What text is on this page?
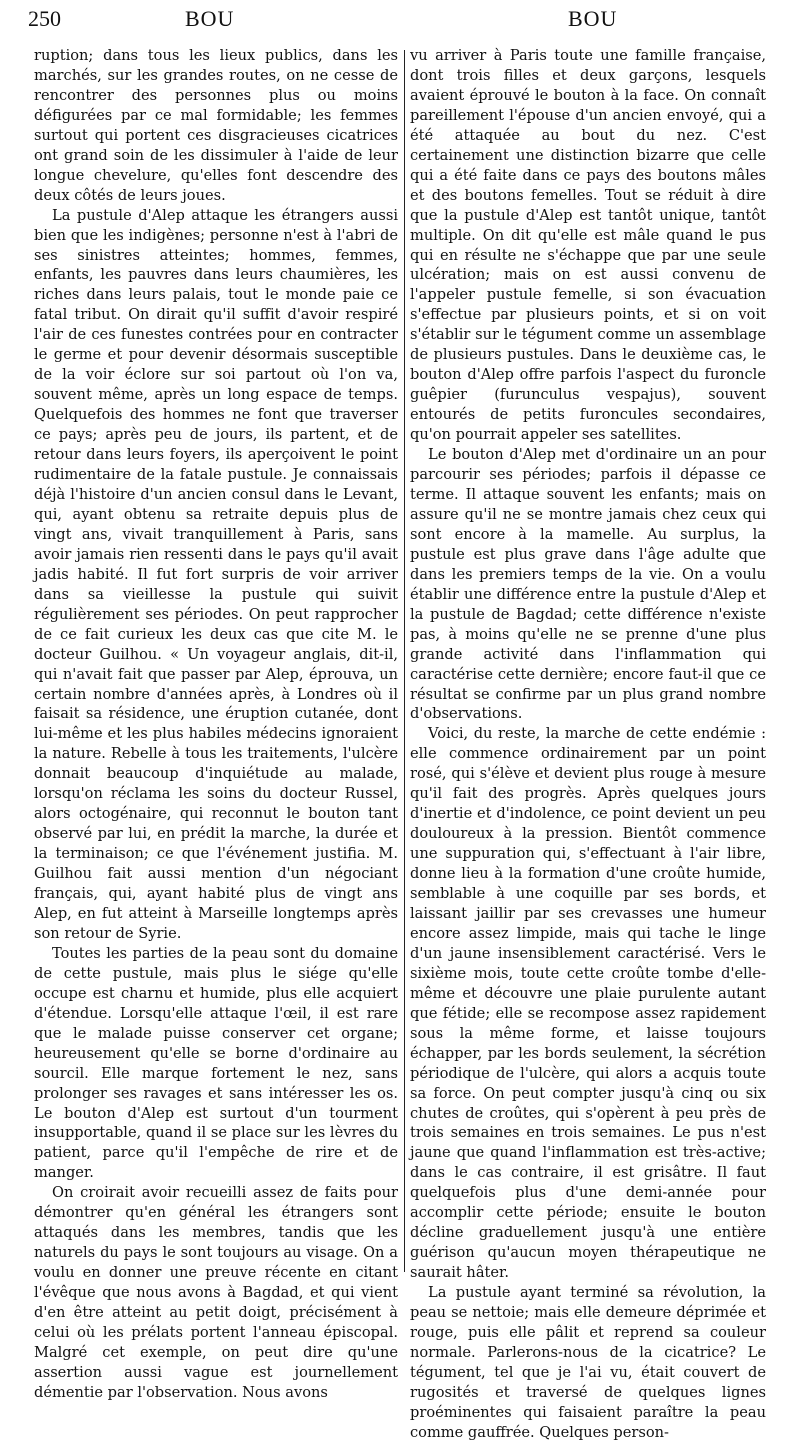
250	BOU	BOU

ruption; dans tous les lieux publics, dans les marchés, sur les grandes routes, on ne cesse de rencontrer des personnes plus ou moins défigurées par ce mal formidable; les femmes surtout qui portent ces disgracieuses cicatrices ont grand soin de les dissimuler à l'aide de leur longue chevelure, qu'elles font descendre des deux côtés de leurs joues.

La pustule d'Alep attaque les étrangers aussi bien que les indigènes; personne n'est à l'abri de ses sinistres atteintes; hommes, femmes, enfants, les pauvres dans leurs chaumières, les riches dans leurs palais, tout le monde paie ce fatal tribut. On dirait qu'il suffit d'avoir respiré l'air de ces funestes contrées pour en contracter le germe et pour devenir désormais susceptible de la voir éclore sur soi partout où l'on va, souvent même, après un long espace de temps. Quelquefois des hommes ne font que traverser ce pays; après peu de jours, ils partent, et de retour dans leurs foyers, ils aperçoivent le point rudimentaire de la fatale pustule. Je connaissais déjà l'histoire d'un ancien consul dans le Levant, qui, ayant obtenu sa retraite depuis plus de vingt ans, vivait tranquillement à Paris, sans avoir jamais rien ressenti dans le pays qu'il avait jadis habité. Il fut fort surpris de voir arriver dans sa vieillesse la pustule qui suivit régulièrement ses périodes. On peut rapprocher de ce fait curieux les deux cas que cite M. le docteur Guilhou. « Un voyageur anglais, dit-il, qui n'avait fait que passer par Alep, éprouva, un certain nombre d'années après, à Londres où il faisait sa résidence, une éruption cutanée, dont lui-même et les plus habiles médecins ignoraient la nature. Rebelle à tous les traitements, l'ulcère donnait beaucoup d'inquiétude au malade, lorsqu'on réclama les soins du docteur Russel, alors octogénaire, qui reconnut le bouton tant observé par lui, en prédit la marche, la durée et la terminaison; ce que l'événement justifia. M. Guilhou fait aussi mention d'un négociant français, qui, ayant habité plus de vingt ans Alep, en fut atteint à Marseille longtemps après son retour de Syrie.

Toutes les parties de la peau sont du domaine de cette pustule, mais plus le siége qu'elle occupe est charnu et humide, plus elle acquiert d'étendue. Lorsqu'elle attaque l'œil, il est rare que le malade puisse conserver cet organe; heureusement qu'elle se borne d'ordinaire au sourcil. Elle marque fortement le nez, sans prolonger ses ravages et sans intéresser les os. Le bouton d'Alep est surtout d'un tourment insupportable, quand il se place sur les lèvres du patient, parce qu'il l'empêche de rire et de manger.

On croirait avoir recueilli assez de faits pour démontrer qu'en général les étrangers sont attaqués dans les membres, tandis que les naturels du pays le sont toujours au visage. On a voulu en donner une preuve récente en citant l'évêque que nous avons à Bagdad, et qui vient d'en être atteint au petit doigt, précisément à celui où les prélats portent l'anneau épiscopal. Malgré cet exemple, on peut dire qu'une assertion aussi vague est journellement démentie par l'observation. Nous avons

vu arriver à Paris toute une famille française, dont trois filles et deux garçons, lesquels avaient éprouvé le bouton à la face. On connaît pareillement l'épouse d'un ancien envoyé, qui a été attaquée au bout du nez. C'est certainement une distinction bizarre que celle qui a été faite dans ce pays des boutons mâles et des boutons femelles. Tout se réduit à dire que la pustule d'Alep est tantôt unique, tantôt multiple. On dit qu'elle est mâle quand le pus qui en résulte ne s'échappe que par une seule ulcération; mais on est aussi convenu de l'appeler pustule femelle, si son évacuation s'effectue par plusieurs points, et si on voit s'établir sur le tégument comme un assemblage de plusieurs pustules. Dans le deuxième cas, le bouton d'Alep offre parfois l'aspect du furoncle guêpier (furunculus vespajus), souvent entourés de petits furoncules secondaires, qu'on pourrait appeler ses satellites.

Le bouton d'Alep met d'ordinaire un an pour parcourir ses périodes; parfois il dépasse ce terme. Il attaque souvent les enfants; mais on assure qu'il ne se montre jamais chez ceux qui sont encore à la mamelle. Au surplus, la pustule est plus grave dans l'âge adulte que dans les premiers temps de la vie. On a voulu établir une différence entre la pustule d'Alep et la pustule de Bagdad; cette différence n'existe pas, à moins qu'elle ne se prenne d'une plus grande activité dans l'inflammation qui caractérise cette dernière; encore faut-il que ce résultat se confirme par un plus grand nombre d'observations.

Voici, du reste, la marche de cette endémie : elle commence ordinairement par un point rosé, qui s'élève et devient plus rouge à mesure qu'il fait des progrès. Après quelques jours d'inertie et d'indolence, ce point devient un peu douloureux à la pression. Bientôt commence une suppuration qui, s'effectuant à l'air libre, donne lieu à la formation d'une croûte humide, semblable à une coquille par ses bords, et laissant jaillir par ses crevasses une humeur encore assez limpide, mais qui tache le linge d'un jaune insensiblement caractérisé. Vers le sixième mois, toute cette croûte tombe d'elle-même et découvre une plaie purulente autant que fétide; elle se recompose assez rapidement sous la même forme, et laisse toujours échapper, par les bords seulement, la sécrétion périodique de l'ulcère, qui alors a acquis toute sa force. On peut compter jusqu'à cinq ou six chutes de croûtes, qui s'opèrent à peu près de trois semaines en trois semaines. Le pus n'est jaune que quand l'inflammation est très-active; dans le cas contraire, il est grisâtre. Il faut quelquefois plus d'une demi-année pour accomplir cette période; ensuite le bouton décline graduellement jusqu'à une entière guérison qu'aucun moyen thérapeutique ne saurait hâter.

La pustule ayant terminé sa révolution, la peau se nettoie; mais elle demeure déprimée et rouge, puis elle pâlit et reprend sa couleur normale. Parlerons-nous de la cicatrice? Le tégument, tel que je l'ai vu, était couvert de rugosités et traversé de quelques lignes proéminentes qui faisaient paraître la peau comme gauffrée. Quelques person-
